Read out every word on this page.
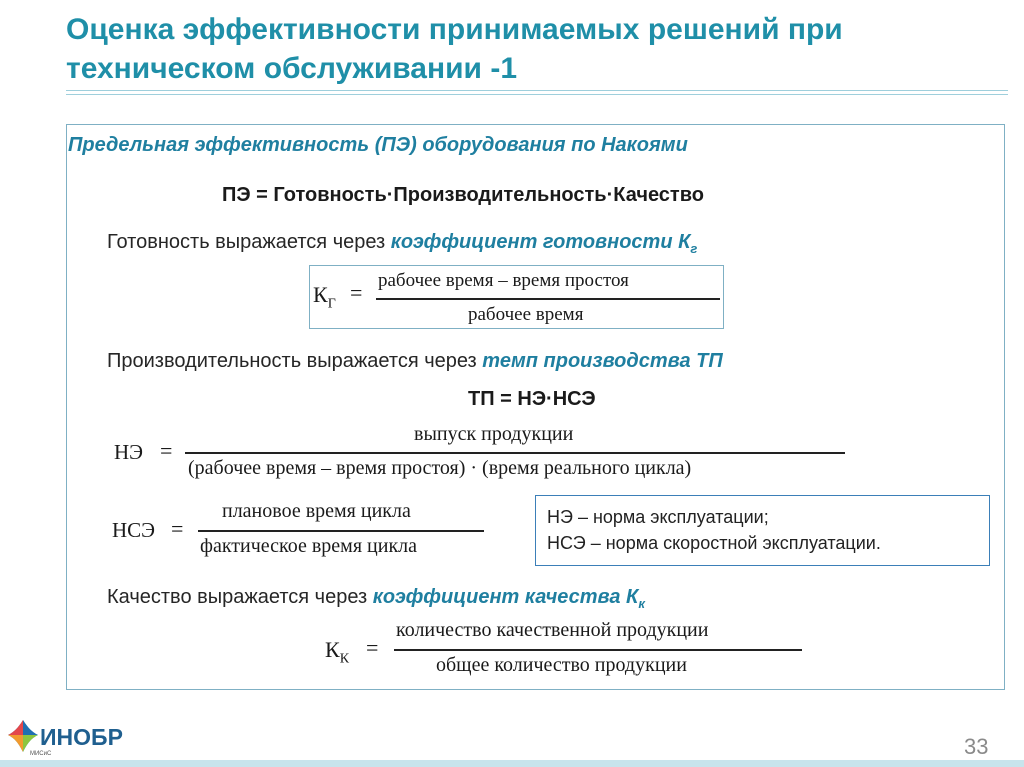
Оценка эффективности принимаемых решений при
техническом обслуживании -1
Предельная эффективность (ПЭ) оборудования по Накоями
ПЭ = Готовность·Производительность·Качество
Готовность выражается через коэффициент готовности $К_г$
$К_Г$ = рабочее время – время простоя
рабочее время
Производительность выражается через темп производства ТП
ТП = НЭ·НСЭ
НЭ =
выпуск продукции
(рабочее время – время простоя) · (время реального цикла)
НСЭ =
плановое время цикла
фактическое время цикла
НЭ – норма эксплуатации;
НСЭ – норма скоростной эксплуатации.
Качество выражается через коэффициент качества $К_к$
$К_К$ =
количество качественной продукции
общее количество продукции
ИНОБР
МИСиС	33
